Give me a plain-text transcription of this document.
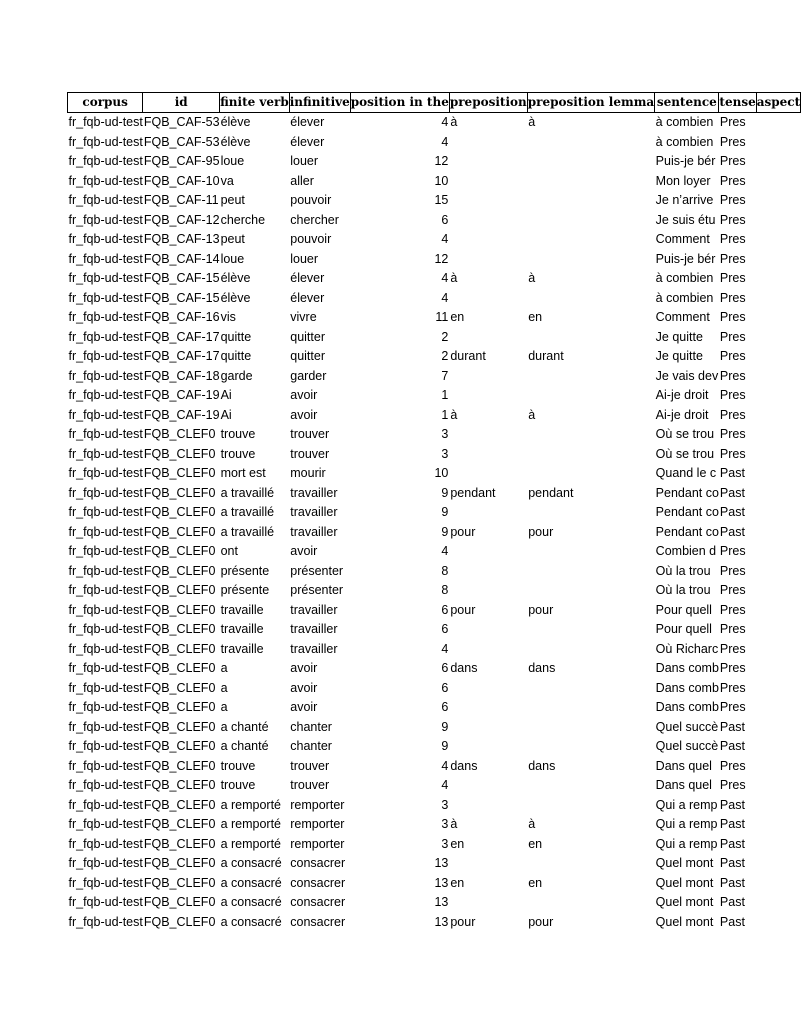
corpus	id	finite verb	infinitive	position in the	preposition	preposition lemma	sentence	tense	aspect
fr_fqb-ud-test	FQB_CAF-53	élève	élever	4	à	à	à combien	Pres	
fr_fqb-ud-test	FQB_CAF-53	élève	élever	4			à combien	Pres	
fr_fqb-ud-test	FQB_CAF-95	loue	louer	12			Puis-je bér	Pres	
fr_fqb-ud-test	FQB_CAF-10	va	aller	10			Mon loyer	Pres	
fr_fqb-ud-test	FQB_CAF-11	peut	pouvoir	15			Je n’arrive	Pres	
fr_fqb-ud-test	FQB_CAF-12	cherche	chercher	6			Je suis étu	Pres	
fr_fqb-ud-test	FQB_CAF-13	peut	pouvoir	4			Comment	Pres	
fr_fqb-ud-test	FQB_CAF-14	loue	louer	12			Puis-je bér	Pres	
fr_fqb-ud-test	FQB_CAF-15	élève	élever	4	à	à	à combien	Pres	
fr_fqb-ud-test	FQB_CAF-15	élève	élever	4			à combien	Pres	
fr_fqb-ud-test	FQB_CAF-16	vis	vivre	11	en	en	Comment	Pres	
fr_fqb-ud-test	FQB_CAF-17	quitte	quitter	2			Je quitte	Pres	
fr_fqb-ud-test	FQB_CAF-17	quitte	quitter	2	durant	durant	Je quitte	Pres	
fr_fqb-ud-test	FQB_CAF-18	garde	garder	7			Je vais dev	Pres	
fr_fqb-ud-test	FQB_CAF-19	Ai	avoir	1			Ai-je droit	Pres	
fr_fqb-ud-test	FQB_CAF-19	Ai	avoir	1	à	à	Ai-je droit	Pres	
fr_fqb-ud-test	FQB_CLEF0	trouve	trouver	3			Où se trou	Pres	
fr_fqb-ud-test	FQB_CLEF0	trouve	trouver	3			Où se trou	Pres	
fr_fqb-ud-test	FQB_CLEF0	mort est	mourir	10			Quand le c	Past	
fr_fqb-ud-test	FQB_CLEF0	a travaillé	travailler	9	pendant	pendant	Pendant co	Past	
fr_fqb-ud-test	FQB_CLEF0	a travaillé	travailler	9			Pendant co	Past	
fr_fqb-ud-test	FQB_CLEF0	a travaillé	travailler	9	pour	pour	Pendant co	Past	
fr_fqb-ud-test	FQB_CLEF0	ont	avoir	4			Combien d	Pres	
fr_fqb-ud-test	FQB_CLEF0	présente	présenter	8			Où la trou	Pres	
fr_fqb-ud-test	FQB_CLEF0	présente	présenter	8			Où la trou	Pres	
fr_fqb-ud-test	FQB_CLEF0	travaille	travailler	6	pour	pour	Pour quell	Pres	
fr_fqb-ud-test	FQB_CLEF0	travaille	travailler	6			Pour quell	Pres	
fr_fqb-ud-test	FQB_CLEF0	travaille	travailler	4			Où Richarc	Pres	
fr_fqb-ud-test	FQB_CLEF0	a	avoir	6	dans	dans	Dans comb	Pres	
fr_fqb-ud-test	FQB_CLEF0	a	avoir	6			Dans comb	Pres	
fr_fqb-ud-test	FQB_CLEF0	a	avoir	6			Dans comb	Pres	
fr_fqb-ud-test	FQB_CLEF0	a chanté	chanter	9			Quel succè	Past	
fr_fqb-ud-test	FQB_CLEF0	a chanté	chanter	9			Quel succè	Past	
fr_fqb-ud-test	FQB_CLEF0	trouve	trouver	4	dans	dans	Dans quel	Pres	
fr_fqb-ud-test	FQB_CLEF0	trouve	trouver	4			Dans quel	Pres	
fr_fqb-ud-test	FQB_CLEF0	a remporté	remporter	3			Qui a remp	Past	
fr_fqb-ud-test	FQB_CLEF0	a remporté	remporter	3	à	à	Qui a remp	Past	
fr_fqb-ud-test	FQB_CLEF0	a remporté	remporter	3	en	en	Qui a remp	Past	
fr_fqb-ud-test	FQB_CLEF0	a consacré	consacrer	13			Quel mont	Past	
fr_fqb-ud-test	FQB_CLEF0	a consacré	consacrer	13	en	en	Quel mont	Past	
fr_fqb-ud-test	FQB_CLEF0	a consacré	consacrer	13			Quel mont	Past	
fr_fqb-ud-test	FQB_CLEF0	a consacré	consacrer	13	pour	pour	Quel mont	Past	
